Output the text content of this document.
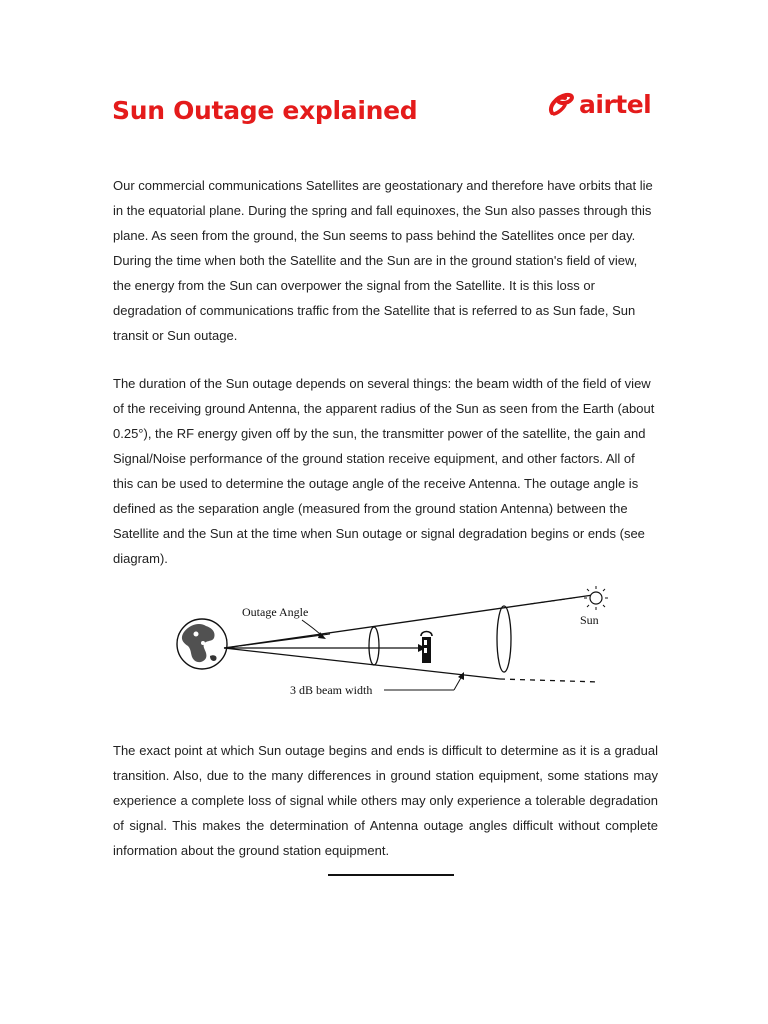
Sun Outage explained	airtel

Our commercial communications Satellites are geostationary and therefore have orbits that lie in the equatorial plane. During the spring and fall equinoxes, the Sun also passes through this plane. As seen from the ground, the Sun seems to pass behind the Satellites once per day. During the time when both the Satellite and the Sun are in the ground station's field of view, the energy from the Sun can overpower the signal from the Satellite. It is this loss or degradation of communications traffic from the Satellite that is referred to as Sun fade, Sun transit or Sun outage.

The duration of the Sun outage depends on several things: the beam width of the field of view of the receiving ground Antenna, the apparent radius of the Sun as seen from the Earth (about 0.25°), the RF energy given off by the sun, the transmitter power of the satellite, the gain and Signal/Noise performance of the ground station receive equipment, and other factors. All of this can be used to determine the outage angle of the receive Antenna. The outage angle is defined as the separation angle (measured from the ground station Antenna) between the Satellite and the Sun at the time when Sun outage or signal degradation begins or ends (see diagram).

Outage Angle
Sun
3 dB beam width

The exact point at which Sun outage begins and ends is difficult to determine as it is a gradual transition. Also, due to the many differences in ground station equipment, some stations may experience a complete loss of signal while others may only experience a tolerable degradation of signal. This makes the determination of Antenna outage angles difficult without complete information about the ground station equipment.
